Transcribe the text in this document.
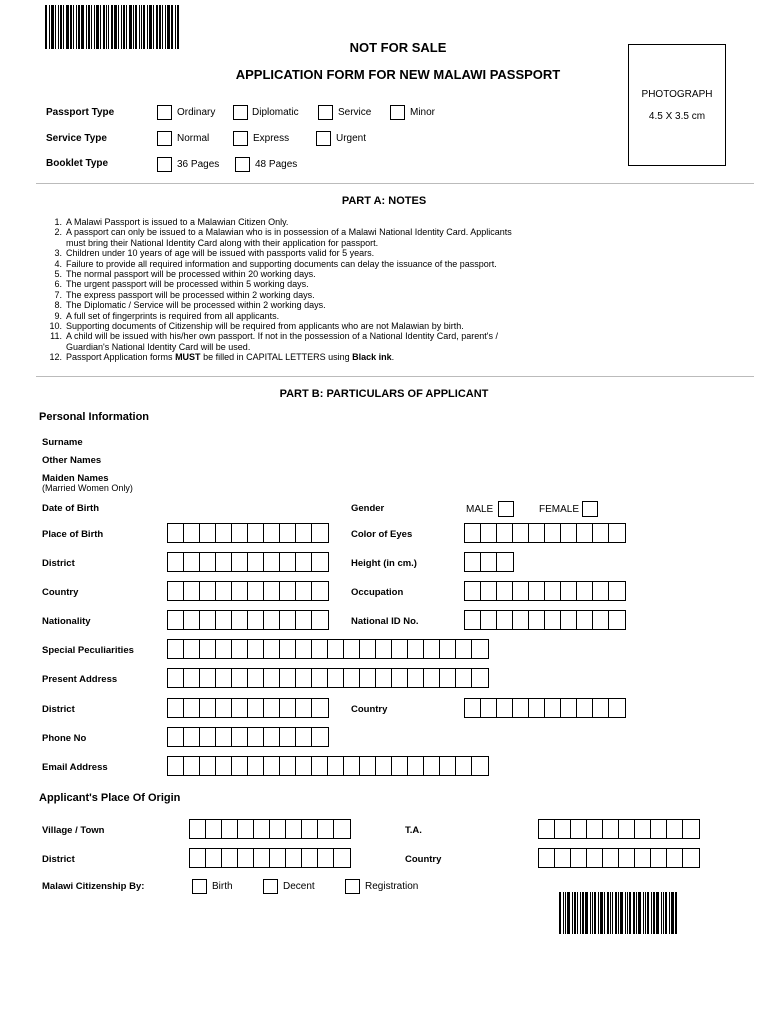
NOT FOR SALE
APPLICATION FORM FOR NEW MALAWI PASSPORT
PHOTOGRAPH
4.5 X 3.5 cm
Passport Type	Ordinary	Diplomatic	Service	Minor
Service Type	Normal	Express	Urgent
Booklet Type	36 Pages	48 Pages
PART A: NOTES
1. A Malawi Passport is issued to a Malawian Citizen Only.
2. A passport can only be issued to a Malawian who is in possession of a Malawi National Identity Card. Applicants
must bring their National Identity Card along with their application for passport.
3. Children under 10 years of age will be issued with passports valid for 5 years.
4. Failure to provide all required information and supporting documents can delay the issuance of the passport.
5. The normal passport will be processed within 20 working days.
6. The urgent passport will be processed within 5 working days.
7. The express passport will be processed within 2 working days.
8. The Diplomatic / Service will be processed within 2 working days.
9. A full set of fingerprints is required from all applicants.
10. Supporting documents of Citizenship will be required from applicants who are not Malawian by birth.
11. A child will be issued with his/her own passport. If not in the possession of a National Identity Card, parent's /
Guardian's National Identity Card will be used.
12. Passport Application forms MUST be filled in CAPITAL LETTERS using Black ink.
PART B: PARTICULARS OF APPLICANT
Personal Information
Surname
Other Names
Maiden Names
(Married Women Only)
Date of Birth	Gender	MALE	FEMALE
Place of Birth	Color of Eyes
District	Height (in cm.)
Country	Occupation
Nationality	National ID No.
Special Peculiarities
Present Address
District	Country
Phone No
Email Address
Applicant's Place Of Origin
Village / Town	T.A.
District	Country
Malawi Citizenship By:	Birth	Decent	Registration
